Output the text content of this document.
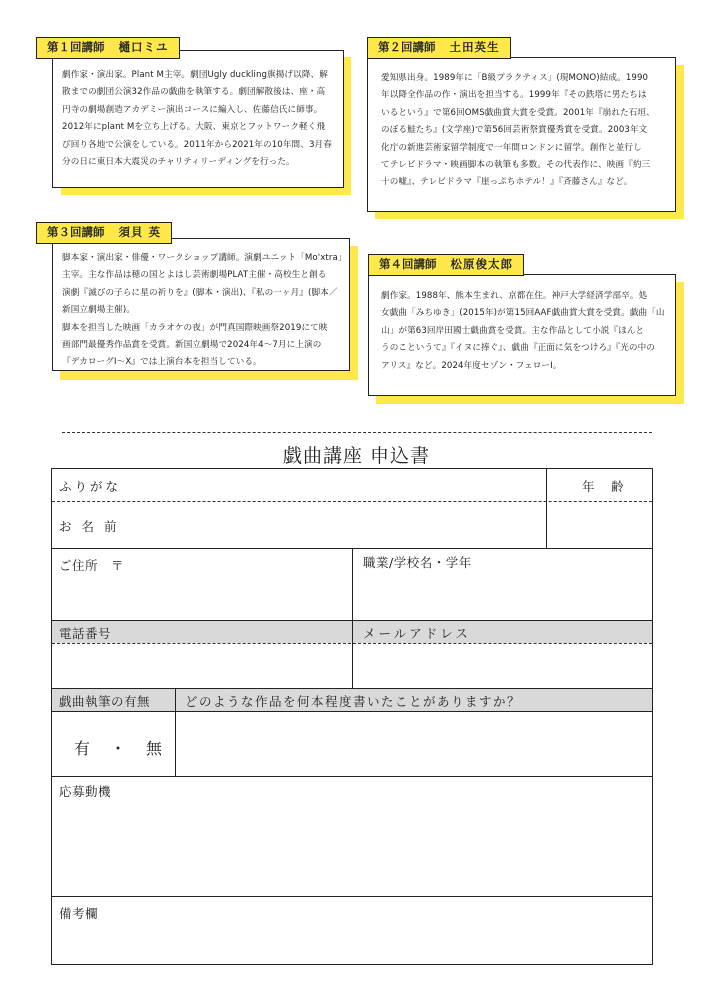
第１回講師 樋口ミユ

劇作家・演出家。Plant M主宰。劇団Ugly duckling旗揚げ以降、解

散までの劇団公演32作品の戯曲を執筆する。劇団解散後は、座・高

円寺の劇場創造アカデミー演出コースに編入し、佐藤信氏に師事。

2012年にplant Mを立ち上げる。大阪、東京とフットワーク軽く飛

び回り各地で公演をしている。2011年から2021年の10年間、3月春

分の日に東日本大震災のチャリティリーディングを行った。

第２回講師 土田英生

愛知県出身。1989年に「B級プラクティス」(現MONO)結成。1990

年以降全作品の作・演出を担当する。1999年『その鉄塔に男たちは

いるという』で第6回OMS戯曲賞大賞を受賞。2001年『崩れた石垣、

のぼる鮭たち』(文学座)で第56回芸術祭賞優秀賞を受賞。2003年文

化庁の新進芸術家留学制度で一年間ロンドンに留学。創作と並行し

てテレビドラマ・映画脚本の執筆も多数。その代表作に、映画『約三

十の嘘』、テレビドラマ『崖っぷちホテル！』『斉藤さん』など。

第３回講師 須貝 英

脚本家・演出家・俳優・ワークショップ講師。演劇ユニット「Mo'xtra」

主宰。主な作品は穂の国とよはし芸術劇場PLAT主催・高校生と創る

演劇『滅びの子らに星の祈りを』(脚本・演出)、『私の一ヶ月』(脚本／

新国立劇場主催)。

脚本を担当した映画「カラオケの夜」が門真国際映画祭2019にて映

画部門最優秀作品賞を受賞。新国立劇場で2024年4～7月に上演の

『デカローグⅠ～Ⅹ』では上演台本を担当している。

第４回講師 松原俊太郎

劇作家。1988年、熊本生まれ、京都在住。神戸大学経済学部卒。処

女戯曲「みちゆき」(2015年)が第15回AAF戯曲賞大賞を受賞。戯曲「山

山」が第63回岸田國士戯曲賞を受賞。主な作品として小説『ほんと

うのこというて』『イヌに捧ぐ』、戯曲『正面に気をつけろ』『光の中の

アリス』など。2024年度セゾン・フェローⅠ。

戯曲講座 申込書
ふりがな	年　齢
お 名 前
ご住所　〒	職業/学校名・学年
電話番号	メールアドレス
戯曲執筆の有無	どのような作品を何本程度書いたことがありますか？
有　・　無
応募動機
備考欄
